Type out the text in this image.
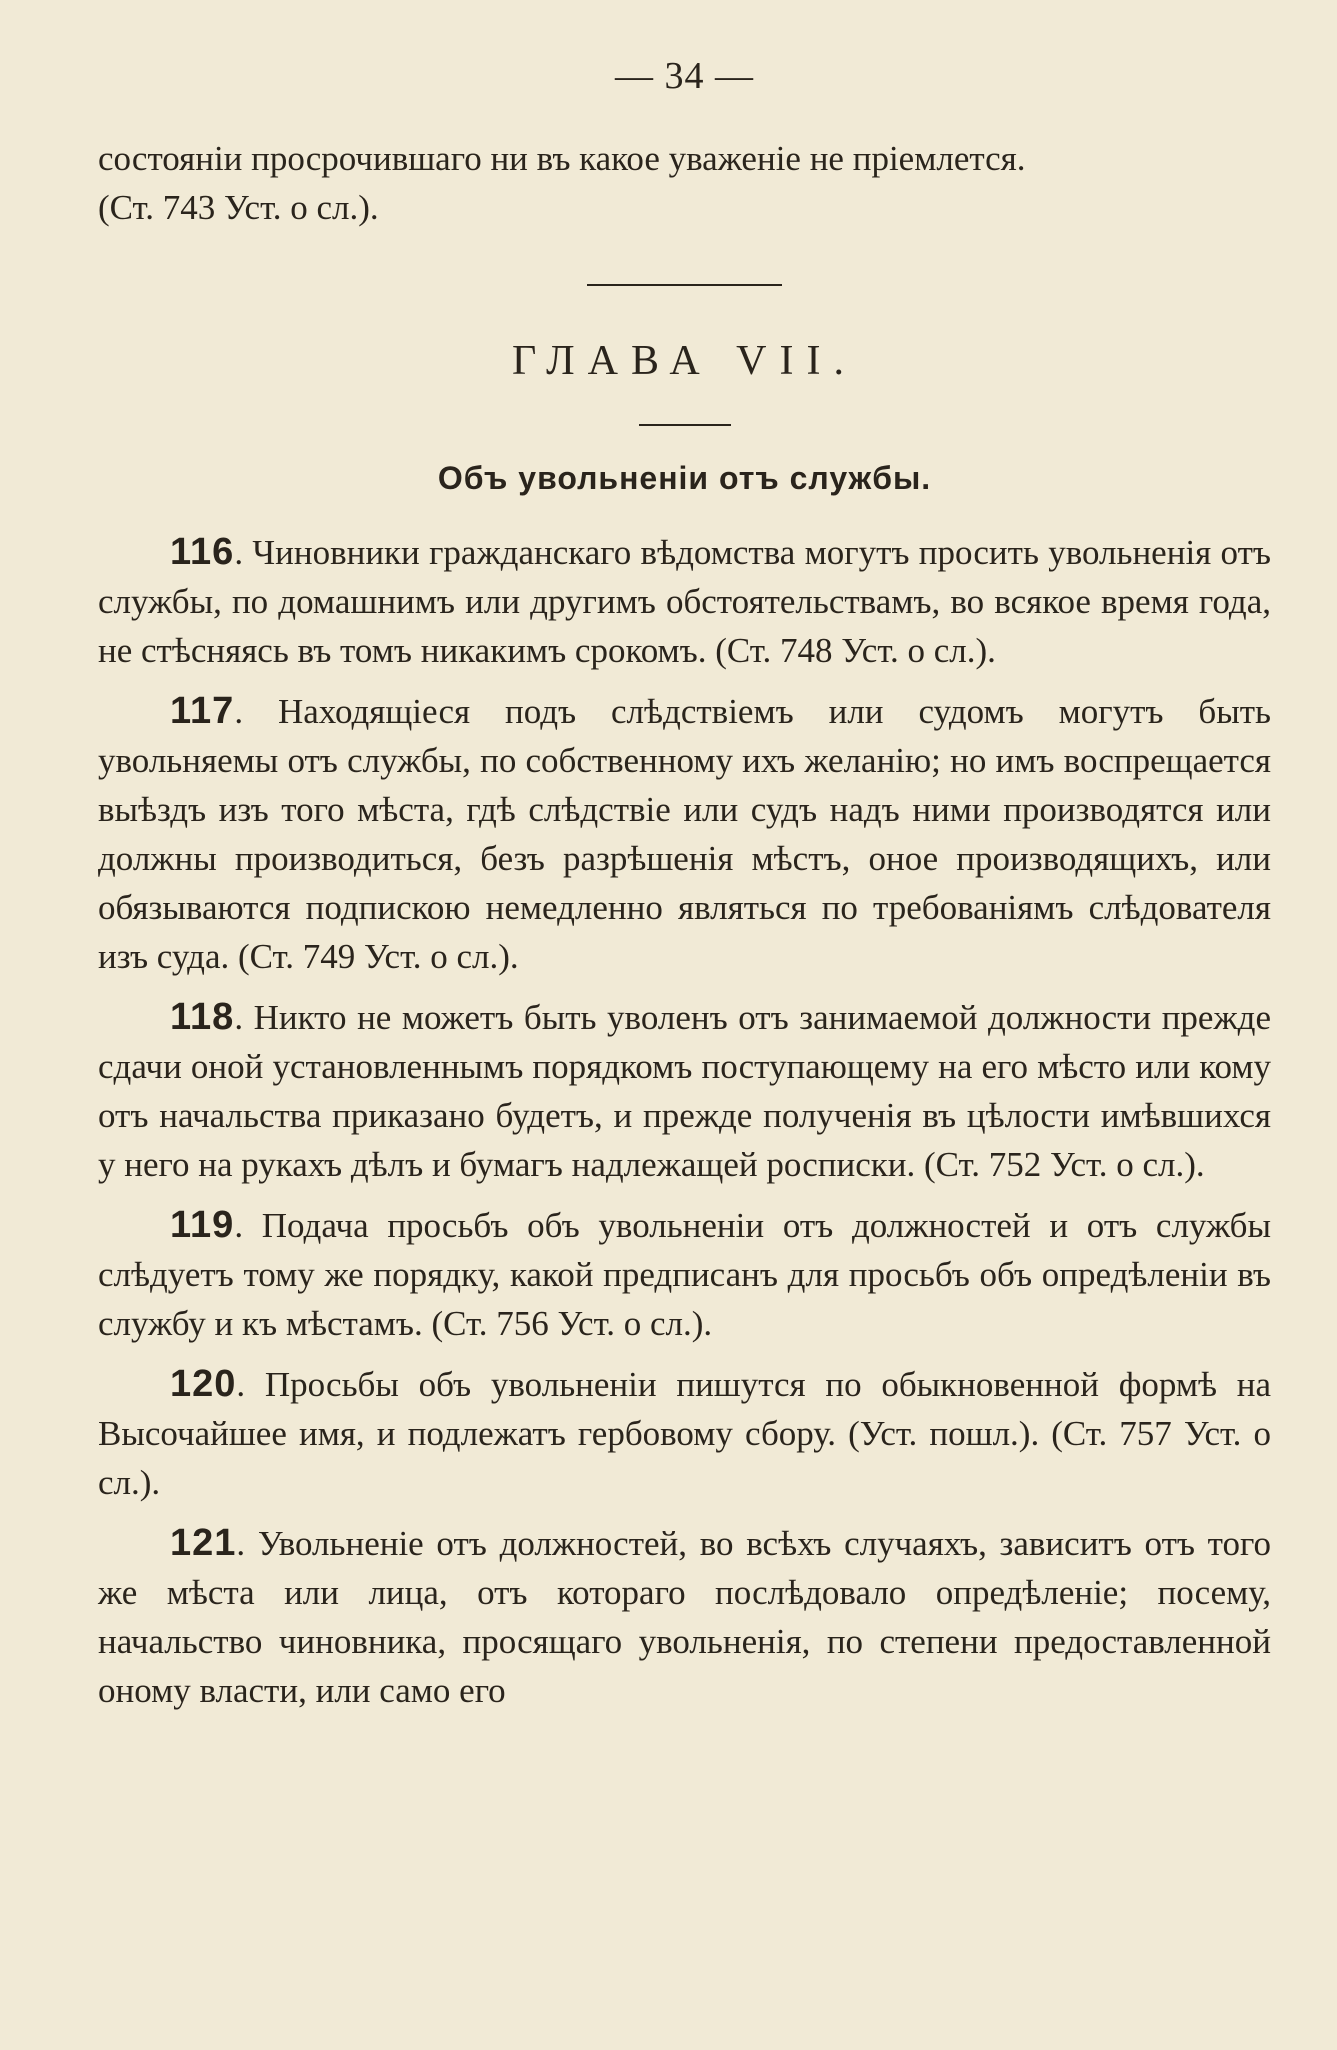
— 34 —
состоянiи просрочившаго ни въ какое уваженie не прiемлется.
(Ст. 743 Уст. о сл.).
ГЛАВА VII.
Объ увольненiи отъ службы.

116. Чиновники гражданскаго вѣдомства могутъ просить увольненiя отъ службы, по домашнимъ или другимъ обстоятельствамъ, во всякое время года, не стѣсняясь въ томъ никакимъ срокомъ. (Ст. 748 Уст. о сл.).

117. Находящiеся подъ слѣдствiемъ или судомъ могутъ быть увольняемы отъ службы, по собственному ихъ желанiю; но имъ воспрещается выѣздъ изъ того мѣста, гдѣ слѣдствiе или судъ надъ ними производятся или должны производиться, безъ разрѣшенiя мѣстъ, оное производящихъ, или обязываются подпискою немедленно являться по требованiямъ слѣдователя изъ суда. (Ст. 749 Уст. о сл.).

118. Никто не можетъ быть уволенъ отъ занимаемой должности прежде сдачи оной установленнымъ порядкомъ поступающему на его мѣсто или кому отъ начальства приказано будетъ, и прежде полученiя въ цѣлости имѣвшихся у него на рукахъ дѣлъ и бумагъ надлежащей росписки. (Ст. 752 Уст. о сл.).

119. Подача просьбъ объ увольненiи отъ должностей и отъ службы слѣдуетъ тому же порядку, какой предписанъ для просьбъ объ опредѣленiи въ службу и къ мѣстамъ. (Ст. 756 Уст. о сл.).

120. Просьбы объ увольненiи пишутся по обыкновенной формѣ на Высочайшее имя, и подлежатъ гербовому сбору. (Уст. пошл.). (Ст. 757 Уст. о сл.).

121. Увольненiе отъ должностей, во всѣхъ случаяхъ, зависитъ отъ того же мѣста или лица, отъ котораго послѣдовало опредѣленiе; посему, начальство чиновника, просящаго увольненiя, по степени предоставленной оному власти, или само его
